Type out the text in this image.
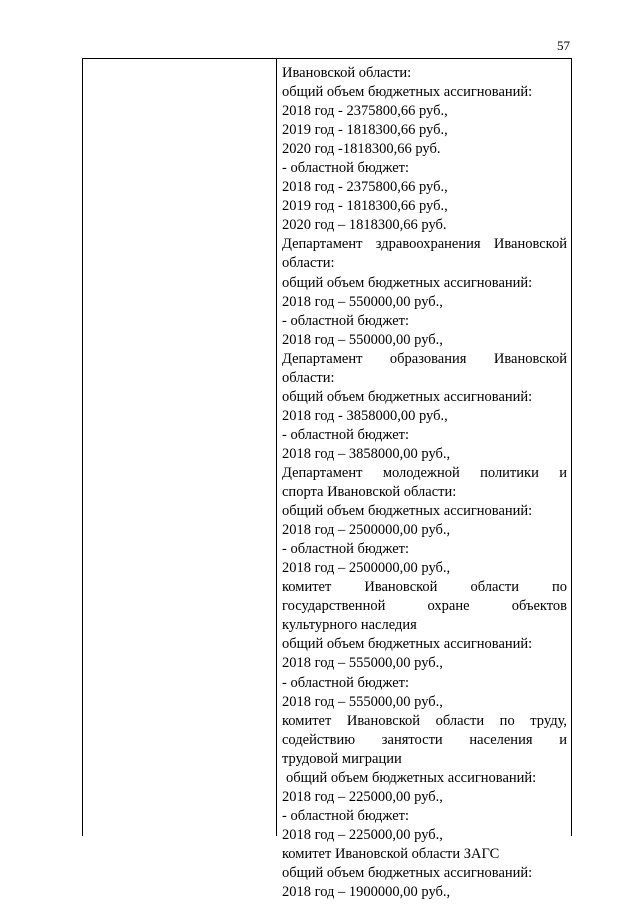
57
Ивановской области:
общий объем бюджетных ассигнований:
2018 год - 2375800,66 руб.,
2019 год - 1818300,66 руб.,
2020 год -1818300,66 руб.
- областной бюджет:
2018 год - 2375800,66 руб.,
2019 год - 1818300,66 руб.,
2020 год – 1818300,66 руб.
Департамент здравоохранения Ивановской
области:
общий объем бюджетных ассигнований:
2018 год – 550000,00 руб.,
- областной бюджет:
2018 год – 550000,00 руб.,
Департамент образования Ивановской
области:
общий объем бюджетных ассигнований:
2018 год - 3858000,00 руб.,
- областной бюджет:
2018 год – 3858000,00 руб.,
Департамент молодежной политики и
спорта Ивановской области:
общий объем бюджетных ассигнований:
2018 год – 2500000,00 руб.,
- областной бюджет:
2018 год – 2500000,00 руб.,
комитет Ивановской области по
государственной охране объектов
культурного наследия
общий объем бюджетных ассигнований:
2018 год – 555000,00 руб.,
- областной бюджет:
2018 год – 555000,00 руб.,
комитет Ивановской области по труду,
содействию занятости населения и
трудовой миграции
общий объем бюджетных ассигнований:
2018 год – 225000,00 руб.,
- областной бюджет:
2018 год – 225000,00 руб.,
комитет Ивановской области ЗАГС
общий объем бюджетных ассигнований:
2018 год – 1900000,00 руб.,
